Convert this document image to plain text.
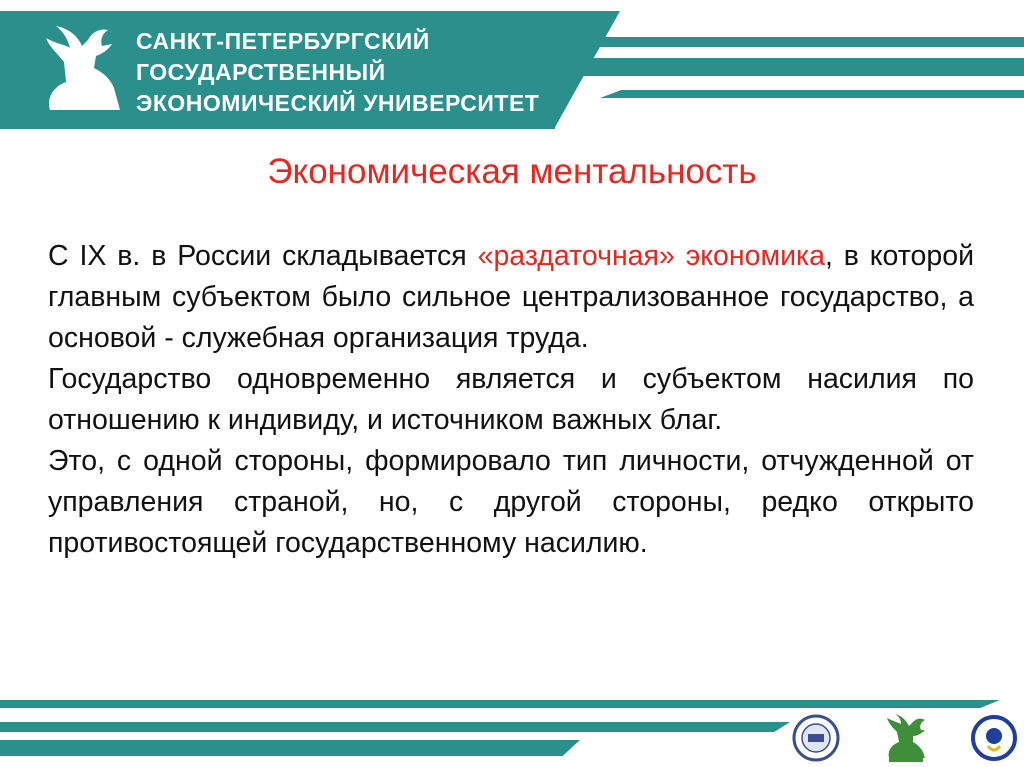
САНКТ-ПЕТЕРБУРГСКИЙ
ГОСУДАРСТВЕННЫЙ
ЭКОНОМИЧЕСКИЙ УНИВЕРСИТЕТ
Экономическая ментальность

С IX в. в России складывается «раздаточная» экономика, в которой главным субъектом было сильное централизованное государство, а основой - служебная организация труда.

Государство одновременно является и субъектом насилия по отношению к индивиду, и источником важных благ.

Это, с одной стороны, формировало тип личности, отчужденной от управления страной, но, с другой стороны, редко открыто противостоящей государственному насилию.
